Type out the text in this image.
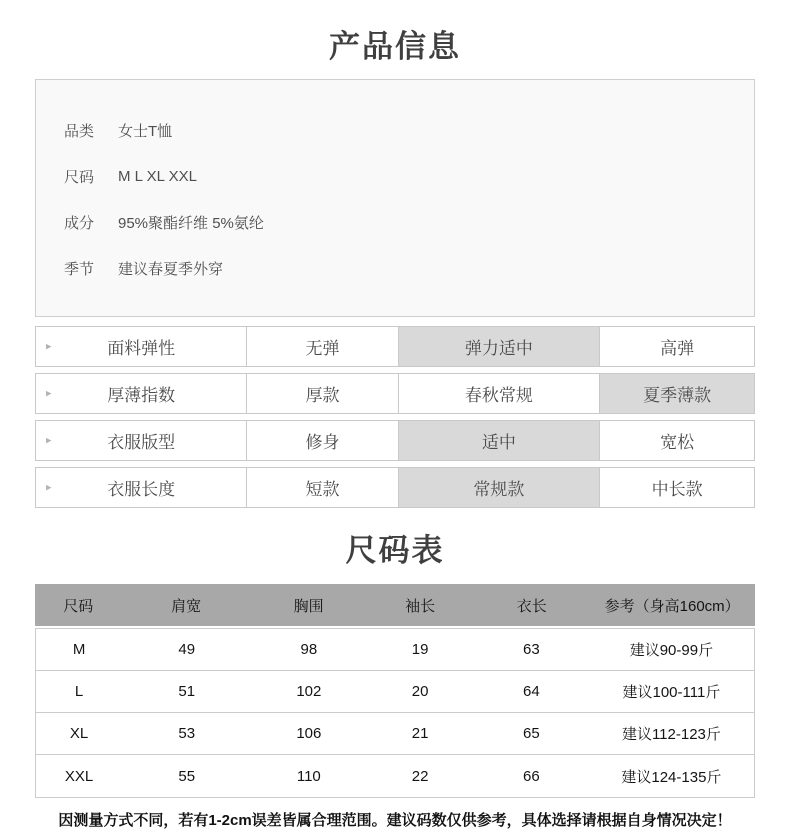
产品信息
品类	女士T恤
尺码	M L XL XXL
成分	95%聚酯纤维 5%氨纶
季节	建议春夏季外穿
▸	面料弹性	无弹	弹力适中	高弹
▸	厚薄指数	厚款	春秋常规	夏季薄款
▸	衣服版型	修身	适中	宽松
▸	衣服长度	短款	常规款	中长款
尺码表
尺码	肩宽	胸围	袖长	衣长	参考（身高160cm）
M	49	98	19	63	建议90-99斤
L	51	102	20	64	建议100-111斤
XL	53	106	21	65	建议112-123斤
XXL	55	110	22	66	建议124-135斤
因测量方式不同，若有1-2cm误差皆属合理范围。建议码数仅供参考，具体选择请根据自身情况决定！
